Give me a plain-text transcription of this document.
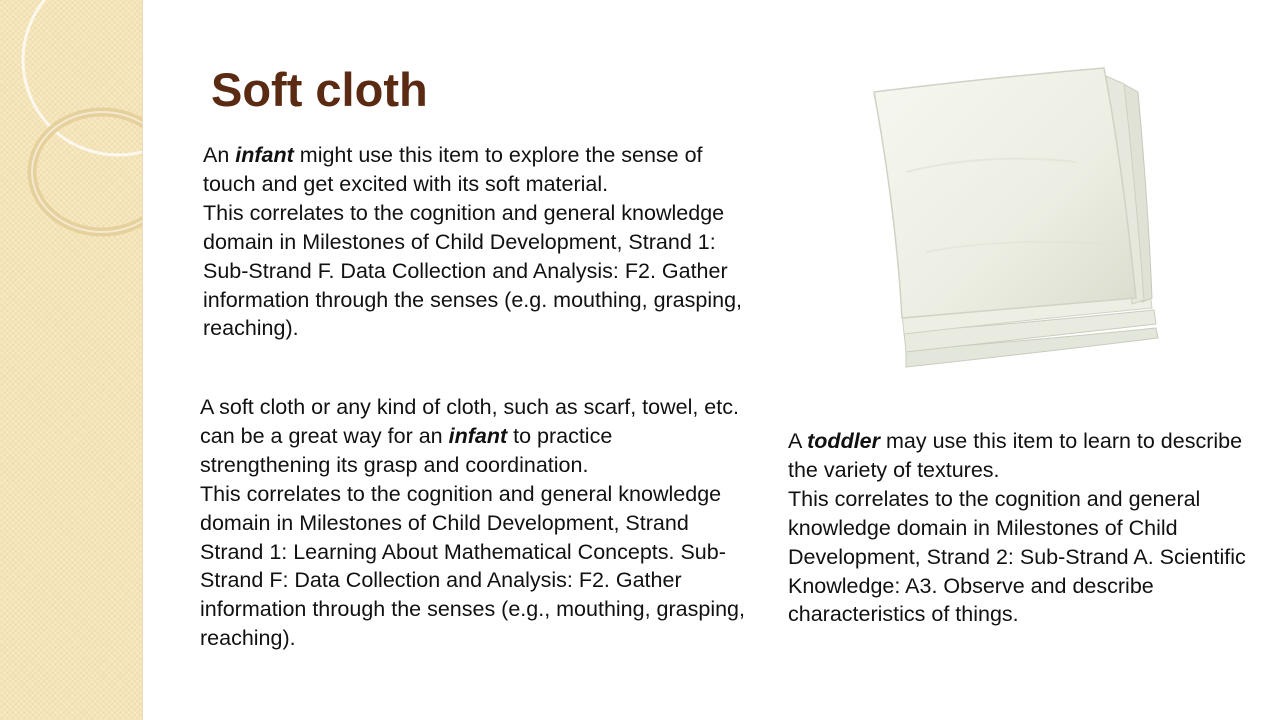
Soft cloth

An infant might use this item to explore the sense of touch and get excited with its soft material.

This correlates to the cognition and general knowledge domain in Milestones of Child Development, Strand 1: Sub-Strand F. Data Collection and Analysis: F2. Gather information through the senses (e.g. mouthing, grasping, reaching).

A soft cloth or any kind of cloth, such as scarf, towel, etc. can be a great way for an infant to practice strengthening its grasp and coordination.

This correlates to the cognition and general knowledge domain in Milestones of Child Development, Strand Strand 1: Learning About Mathematical Concepts. Sub-Strand F: Data Collection and Analysis: F2. Gather information through the senses (e.g., mouthing, grasping, reaching).

A toddler may use this item to learn to describe the variety of textures.

This correlates to the cognition and general knowledge domain in Milestones of Child Development, Strand 2: Sub-Strand A. Scientific Knowledge: A3. Observe and describe characteristics of things.
